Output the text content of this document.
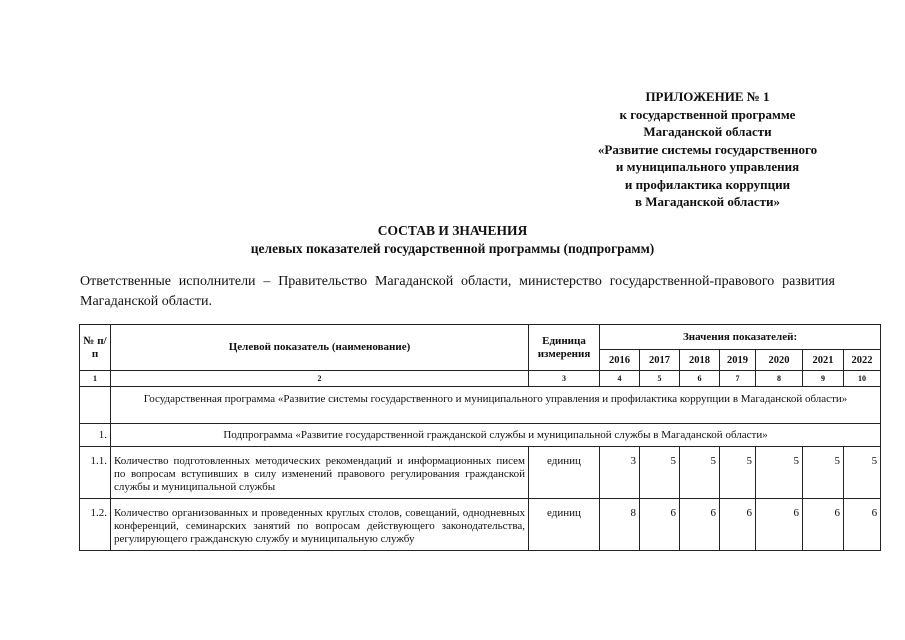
ПРИЛОЖЕНИЕ № 1
к государственной программе
Магаданской области
«Развитие системы государственного
и муниципального управления
и профилактика коррупции
в Магаданской области»
СОСТАВ И ЗНАЧЕНИЯ
целевых показателей государственной программы (подпрограмм)
Ответственные исполнители – Правительство Магаданской области, министерство государственной-правового развития Магаданской области.
№ п/п	Целевой показатель (наименование)	Единица измерения	Значения показателей:						
			2016	2017	2018	2019	2020	2021	2022
1	2	3	4	5	6	7	8	9	10
	Государственная программа «Развитие системы государственного и муниципального управления и профилактика коррупции в Магаданской области»								
1.	Подпрограмма «Развитие государственной гражданской службы и муниципальной службы в Магаданской области»								
1.1.	Количество подготовленных методических рекомендаций и информационных писем по вопросам вступивших в силу изменений правового регулирования гражданской службы и муниципальной службы	единиц	3	5	5	5	5	5	5
1.2.	Количество организованных и проведенных круглых столов, совещаний, однодневных конференций, семинарских занятий по вопросам действующего законодательства, регулирующего гражданскую службу и муниципальную службу	единиц	8	6	6	6	6	6	6
